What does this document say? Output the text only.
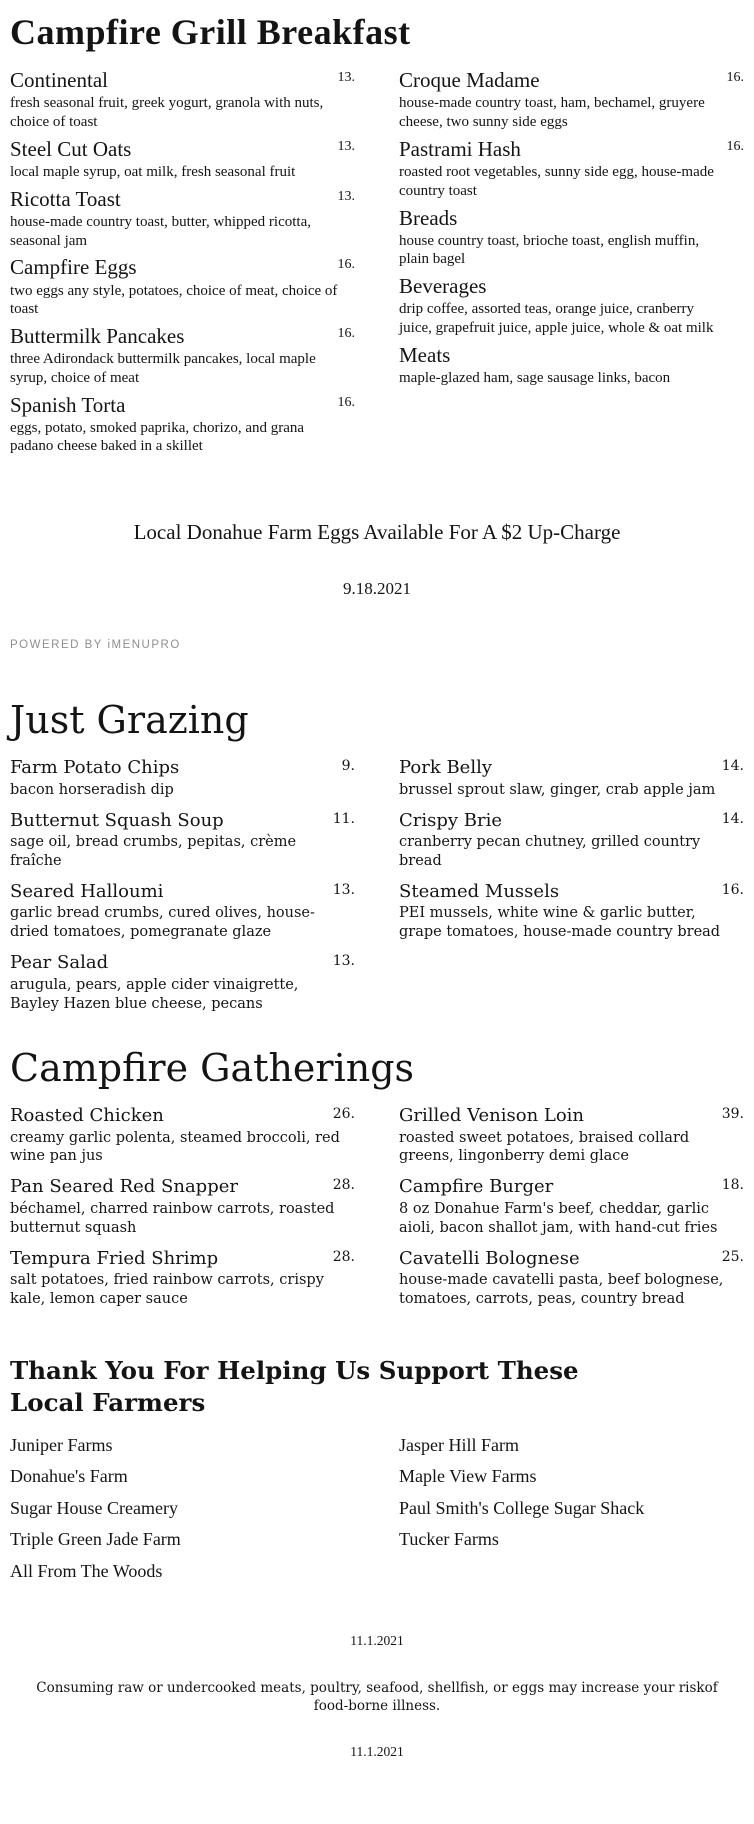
Campfire Grill Breakfast
Continental	13.

fresh seasonal fruit, greek yogurt, granola with nuts, choice of toast

Steel Cut Oats	13.

local maple syrup, oat milk, fresh seasonal fruit

Ricotta Toast	13.

house-made country toast, butter, whipped ricotta, seasonal jam

Campfire Eggs	16.

two eggs any style, potatoes, choice of meat, choice of toast

Buttermilk Pancakes	16.

three Adirondack buttermilk pancakes, local maple syrup, choice of meat

Spanish Torta	16.

eggs, potato, smoked paprika, chorizo, and grana padano cheese baked in a skillet

Croque Madame	16.

house-made country toast, ham, bechamel, gruyere cheese, two sunny side eggs

Pastrami Hash	16.

roasted root vegetables, sunny side egg, house-made country toast

Breads

house country toast, brioche toast, english muffin, plain bagel

Beverages

drip coffee, assorted teas, orange juice, cranberry juice, grapefruit juice, apple juice, whole & oat milk

Meats

maple-glazed ham, sage sausage links, bacon

Local Donahue Farm Eggs Available For A $2 Up-Charge
9.18.2021
POWERED BY iMENUPRO
Just Grazing
Farm Potato Chips	9.

bacon horseradish dip

Butternut Squash Soup	11.

sage oil, bread crumbs, pepitas, crème fraîche

Seared Halloumi	13.

garlic bread crumbs, cured olives, house-dried tomatoes, pomegranate glaze

Pear Salad	13.

arugula, pears, apple cider vinaigrette, Bayley Hazen blue cheese, pecans

Pork Belly	14.

brussel sprout slaw, ginger, crab apple jam

Crispy Brie	14.

cranberry pecan chutney, grilled country bread

Steamed Mussels	16.

PEI mussels, white wine & garlic butter, grape tomatoes, house-made country bread

Campfire Gatherings
Roasted Chicken	26.

creamy garlic polenta, steamed broccoli, red wine pan jus

Pan Seared Red Snapper	28.

béchamel, charred rainbow carrots, roasted butternut squash

Tempura Fried Shrimp	28.

salt potatoes, fried rainbow carrots, crispy kale, lemon caper sauce

Grilled Venison Loin	39.

roasted sweet potatoes, braised collard greens, lingonberry demi glace

Campfire Burger	18.

8 oz Donahue Farm's beef, cheddar, garlic aioli, bacon shallot jam, with hand-cut fries

Cavatelli Bolognese	25.

house-made cavatelli pasta, beef bolognese, tomatoes, carrots, peas, country bread

Thank You For Helping Us Support These Local Farmers
Juniper Farms
Donahue's Farm
Sugar House Creamery
Triple Green Jade Farm
All From The Woods
Jasper Hill Farm
Maple View Farms
Paul Smith's College Sugar Shack
Tucker Farms
11.1.2021
Consuming raw or undercooked meats, poultry, seafood, shellfish, or eggs may increase your riskof food-borne illness.
11.1.2021
